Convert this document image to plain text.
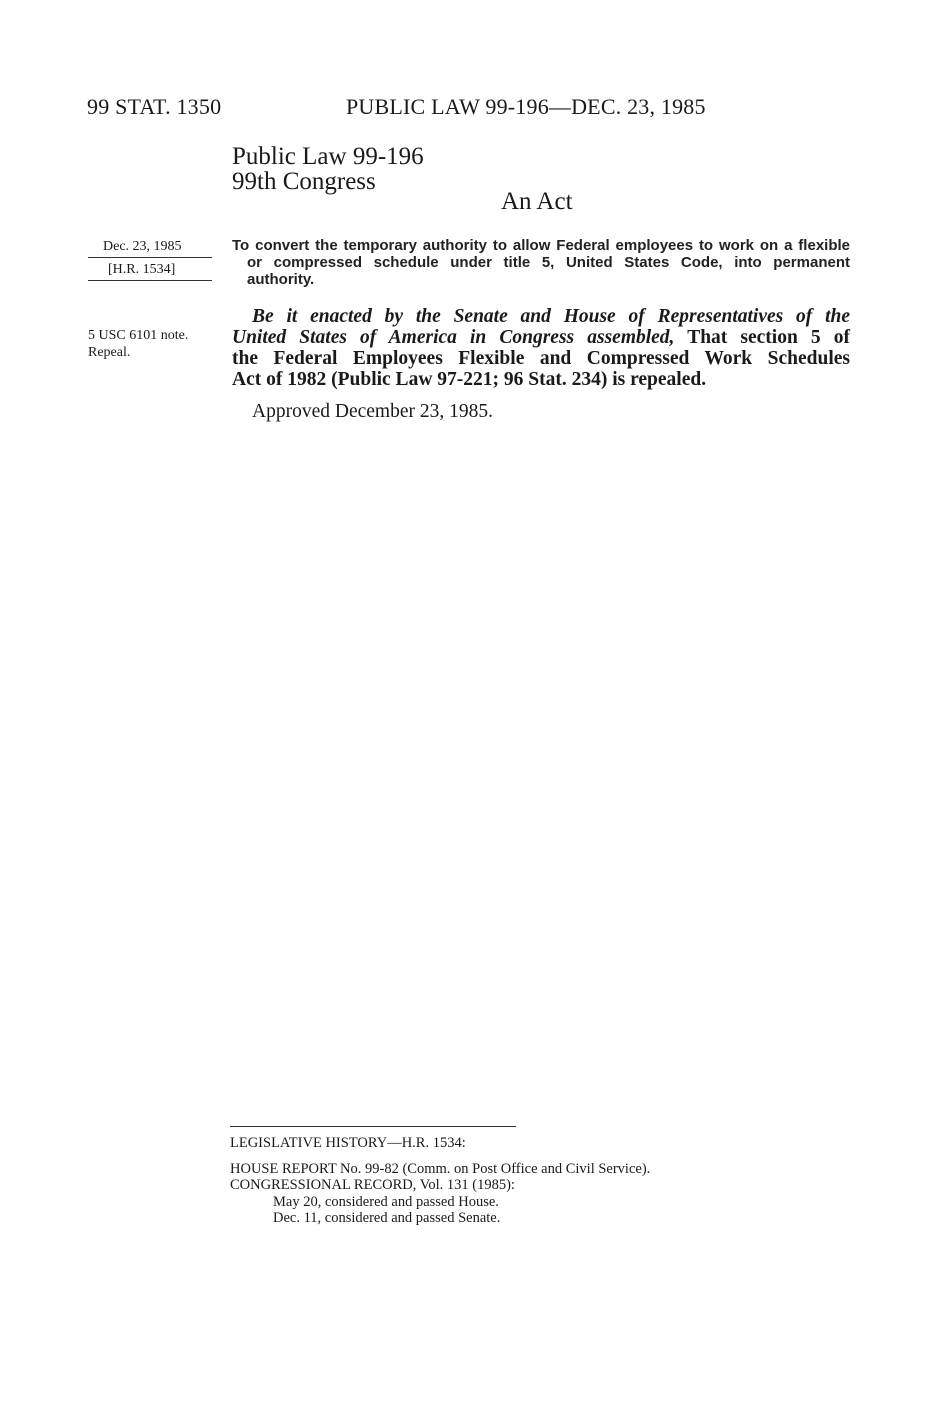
99 STAT. 1350	PUBLIC LAW 99-196—DEC. 23, 1985
Public Law 99-196
99th Congress
An Act
Dec. 23, 1985
[H.R. 1534]
5 USC 6101 note.
Repeal.
To convert the temporary authority to allow Federal employees to work on a flexible
or compressed schedule under title 5, United States Code, into permanent
authority.
Be it enacted by the Senate and House of Representatives of the
United States of America in Congress assembled, That section 5 of
the Federal Employees Flexible and Compressed Work Schedules
Act of 1982 (Public Law 97-221; 96 Stat. 234) is repealed.
Approved December 23, 1985.
LEGISLATIVE HISTORY—H.R. 1534:
HOUSE REPORT No. 99-82 (Comm. on Post Office and Civil Service).
CONGRESSIONAL RECORD, Vol. 131 (1985):
May 20, considered and passed House.
Dec. 11, considered and passed Senate.
